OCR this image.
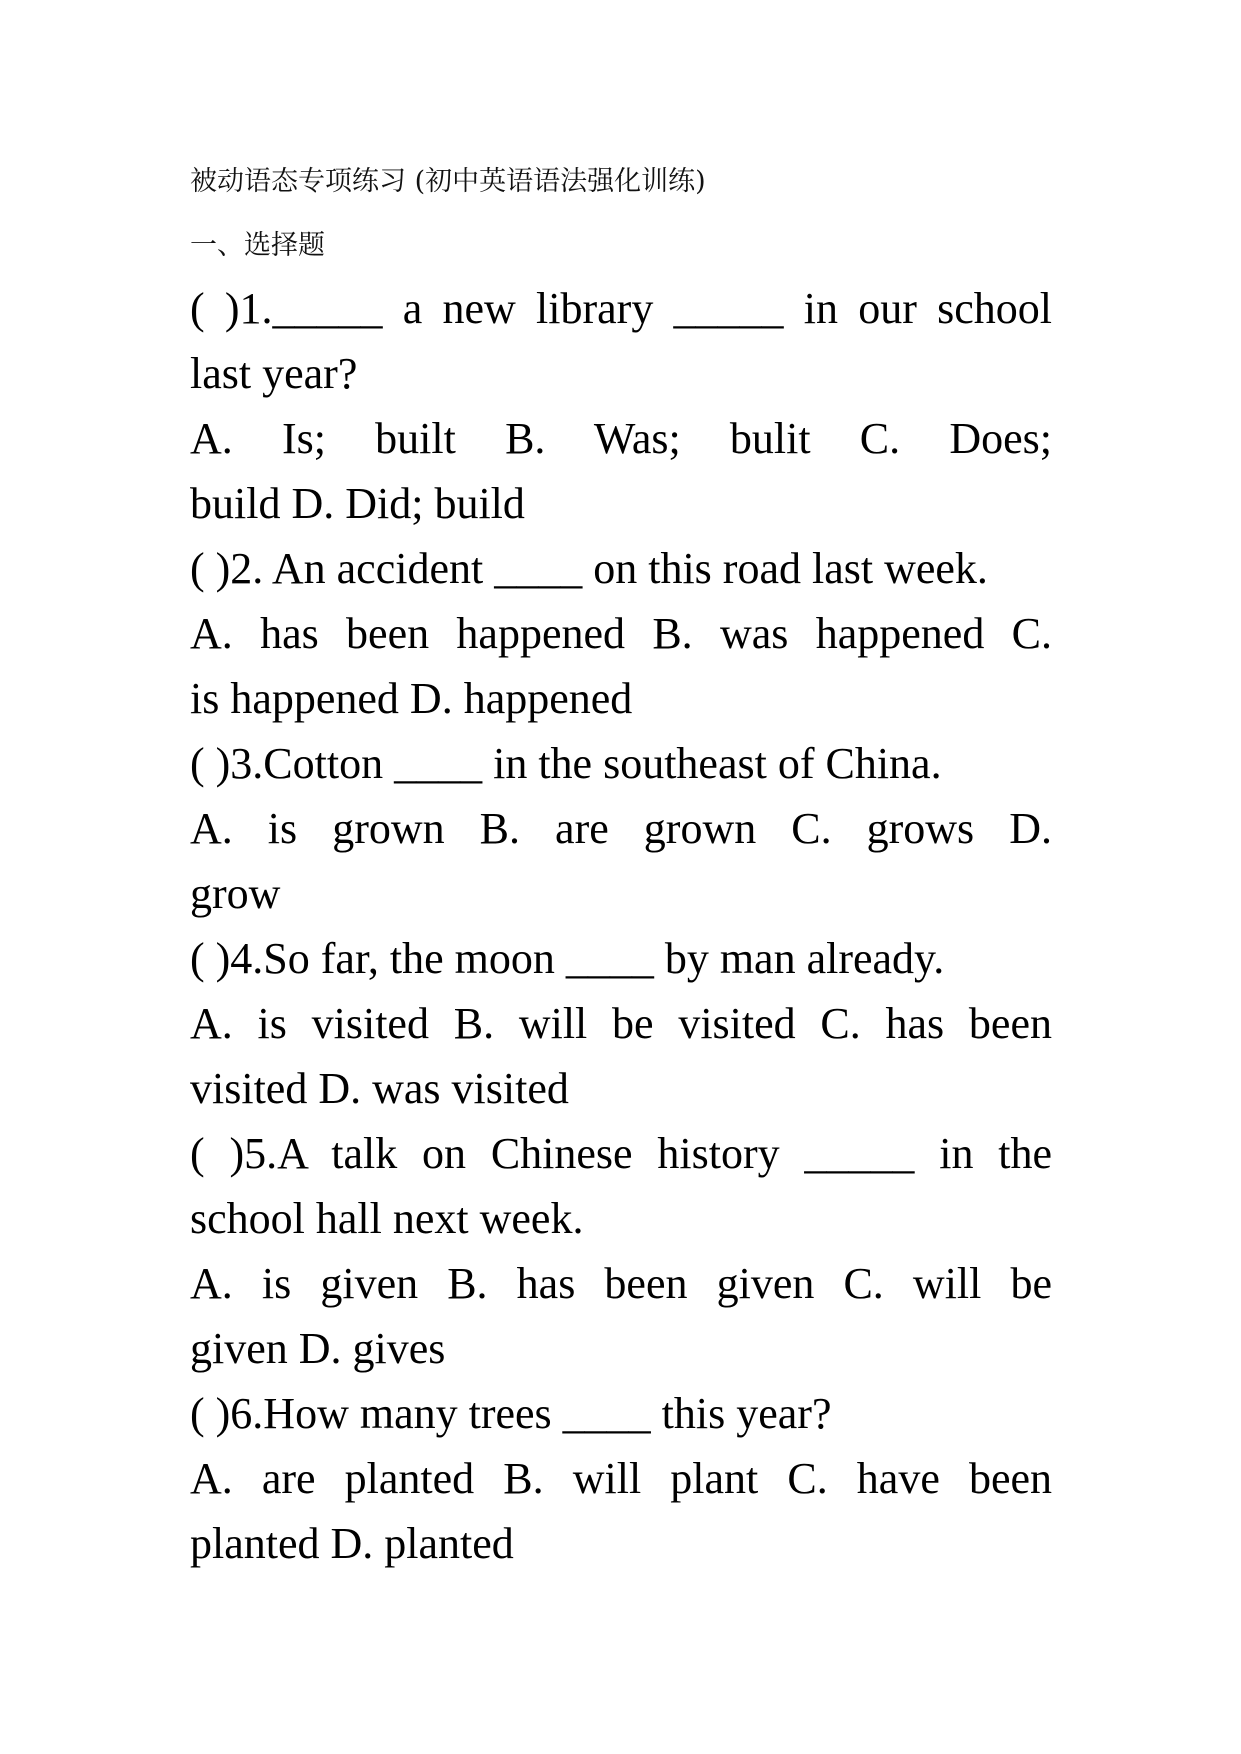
被动语态专项练习 (初中英语语法强化训练)
一、选择题
( )1._____ a new library _____ in our school
last year?
A. Is; built B. Was; bulit C. Does;
build D. Did; build
( )2. An accident ____ on this road last week.
A. has been happened B. was happened C.
is happened D. happened
( )3.Cotton ____ in the southeast of China.
A. is grown B. are grown C. grows D.
grow
( )4.So far, the moon ____ by man already.
A. is visited B. will be visited C. has been
visited D. was visited
( )5.A talk on Chinese history _____ in the
school hall next week.
A. is given B. has been given C. will be
given D. gives
( )6.How many trees ____ this year?
A. are planted B. will plant C. have been
planted D. planted
